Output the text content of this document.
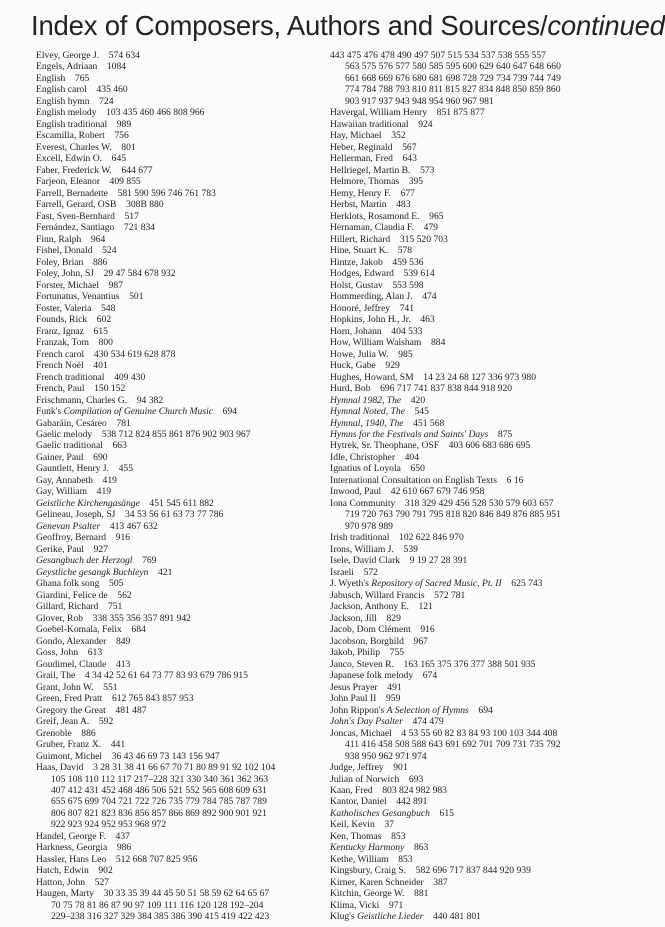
Index of Composers, Authors and Sources/continued
Elvey, George J.  574 634
Engels, Adriaan  1084
English  765
English carol  435 460
English hymn  724
English melody  103 435 460 466 808 966
English traditional  989
Escamilla, Robert  756
Everest, Charles W.  801
Excell, Edwin O.  645
Faber, Frederick W.  644 677
Farjeon, Eleanor  409 855
Farrell, Bernadette  581 590 596 746 761 783
Farrell, Gerard, OSB  308B 880
Fast, Sven-Bernhard  517
Fernández, Santiago  721 834
Finn, Ralph  964
Fishel, Donald  524
Foley, Brian  886
Foley, John, SJ  29 47 584 678 932
Forster, Michael  987
Fortunatus, Venantius  501
Foster, Valeria  548
Founds, Rick  602
Franz, Ignaz  615
Franzak, Tom  800
French carol  430 534 619 628 878
French Noël  401
French traditional  409 430
French, Paul  150 152
Frischmann, Charles G.  94 382
Funk's Compilation of Genuine Church Music  694
Gabaráin, Cesáreo  781
Gaelic melody  538 712 824 855 861 876 902 903 967
Gaelic traditional  663
Gainer, Paul  690
Gauntlett, Henry J.  455
Gay, Annabeth  419
Gay, William  419
Geistliche Kirchengasänge  451 545 611 882
Gelineau, Joseph, SJ  34 53 56 61 63 73 77 786
Genevan Psalter  413 467 632
Geoffroy, Bernard  916
Gerike, Paul  927
Gesangbuch der Herzogl  769
Geystliche gesangk Buchleyn  421
Ghana folk song  505
Giardini, Felice de  562
Gillard, Richard  751
Glover, Rob  338 355 356 357 891 942
Goebel-Komala, Felix  684
Gondo, Alexander  849
Goss, John  613
Goudimel, Claude  413
Grail, The  4 34 42 52 61 64 73 77 83 93 679 786 915
Grant, John W.  551
Green, Fred Pratt  612 765 843 857 953
Gregory the Great  481 487
Greif, Jean A.  592
Grenoble  886
Gruber, Franz X.  441
Guimont, Michel  36 43 46 69 73 143 156 947
Haas, David  3 28 31 38 41 66 67 70 71 80 89 91 92 102 104
105 108 110 112 117 217–228 321 330 340 361 362 363
407 412 431 452 468 486 506 521 552 565 608 609 631
655 675 699 704 721 722 726 735 779 784 785 787 789
806 807 821 823 836 856 857 866 869 892 900 901 921
922 923 924 952 953 968 972
Handel, George F.  437
Harkness, Georgia  986
Hassler, Hans Leo  512 668 707 825 956
Hatch, Edwin  902
Hatton, John  527
Haugen, Marty  30 33 35 39 44 45 50 51 58 59 62 64 65 67
70 75 78 81 86 87 90 97 109 111 116 120 128 192–204
229–238 316 327 329 384 385 386 390 415 419 422 423
443 475 476 478 490 497 507 515 534 537 538 555 557
563 575 576 577 580 585 595 600 629 640 647 648 660
661 668 669 676 680 681 698 728 729 734 739 744 749
774 784 788 793 810 811 815 827 834 848 850 859 860
903 917 937 943 948 954 960 967 981
Havergal, William Henry  851 875 877
Hawaiian traditional  924
Hay, Michael  352
Heber, Reginald  567
Hellerman, Fred  643
Hellriegel, Martin B.  573
Helmore, Thomas  395
Hemy, Henry F.  677
Herbst, Martin  483
Herklots, Rosamond E.  965
Hernaman, Claudia F.  479
Hillert, Richard  315 520 703
Hine, Stuart K.  578
Hintze, Jakob  459 536
Hodges, Edward  539 614
Holst, Gustav  553 598
Hommerding, Alan J.  474
Honoré, Jeffrey  741
Hopkins, John H., Jr.  463
Horn, Johann  404 533
How, William Walsham  884
Howe, Julia W.  985
Huck, Gabe  929
Hughes, Howard, SM  14 23 24 68 127 336 973 980
Hurd, Bob  696 717 741 837 838 844 918 920
Hymnal 1982, The  420
Hymnal Noted, The  545
Hymnal, 1940, The  451 568
Hymns for the Festivals and Saints' Days  875
Hytrek, Sr. Theophane, OSF  403 606 683 686 695
Idle, Christopher  404
Ignatius of Loyola  650
International Consultation on English Texts  6 16
Inwood, Paul  42 610 667 679 746 958
Iona Community  318 329 429 456 528 530 579 603 657
719 720 763 790 791 795 818 820 846 849 876 885 951
970 978 989
Irish traditional  102 622 846 970
Irons, William J.  539
Isele, David Clark  9 19 27 28 391
Israeli  572
J. Wyeth's Repository of Sacred Music, Pt. II  625 743
Jabusch, Willard Francis  572 781
Jackson, Anthony E.  121
Jackson, Jill  829
Jacob, Dom Clément  916
Jacobson, Borghild  967
Jakob, Philip  755
Janco, Steven R.  163 165 375 376 377 388 501 935
Japanese folk melody  674
Jesus Prayer  491
John Paul II  959
John Rippon's A Selection of Hymns  694
John's Day Psalter  474 479
Joncas, Michael  4 53 55 60 82 83 84 93 100 103 344 408
411 416 458 508 588 643 691 692 701 709 731 735 792
938 950 962 971 974
Judge, Jeffrey  901
Julian of Norwich  693
Kaan, Fred  803 824 982 983
Kantor, Daniel  442 891
Katholisches Gesangbuch  615
Keil, Kevin  37
Ken, Thomas  853
Kentucky Harmony  863
Kethe, William  853
Kingsbury, Craig S.  582 696 717 837 844 920 939
Kirner, Karen Schneider  387
Kitchin, George W.  881
Klima, Vicki  971
Klug's Geistliche Lieder  440 481 801
